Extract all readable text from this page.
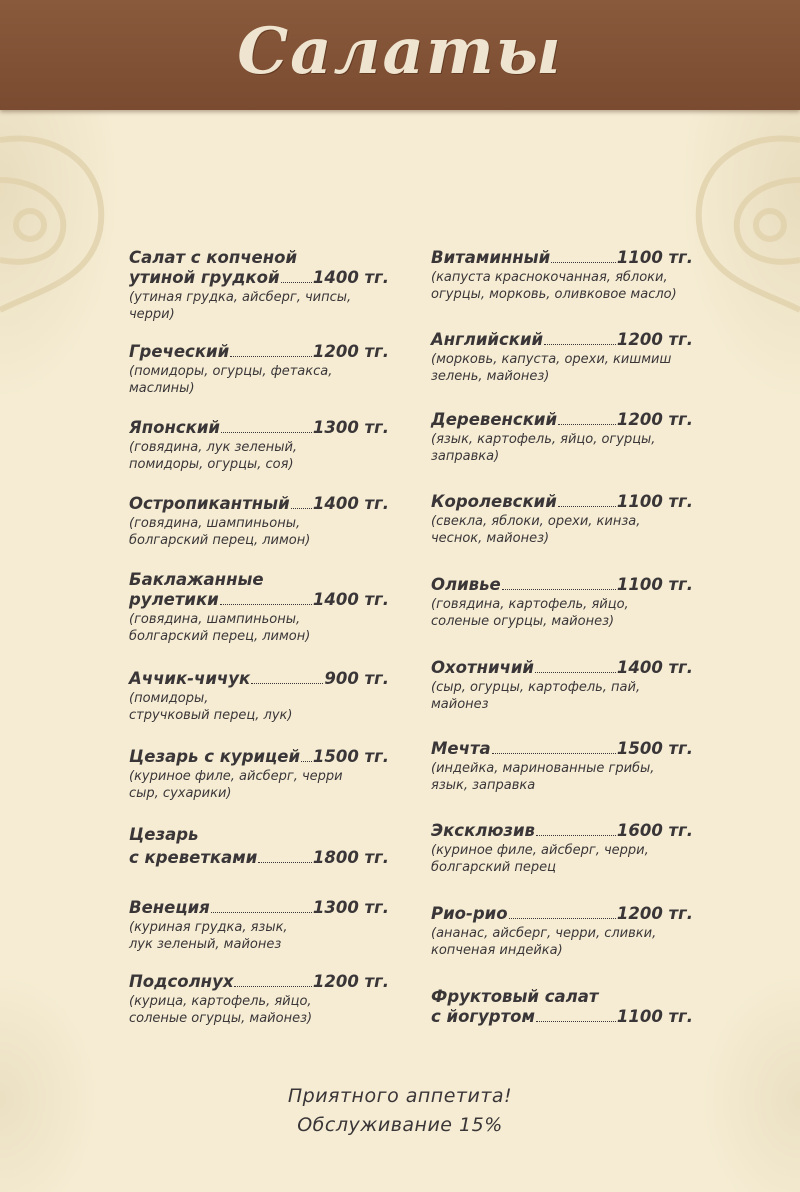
Салаты
Салат с копченой
утиной грудкой 1400 тг.
(утиная грудка, айсберг, чипсы,
черри)
Греческий	1200 тг.
(помидоры, огурцы, фетакса,
маслины)
Японский	1300 тг.
(говядина, лук зеленый,
помидоры, огурцы, соя)
Остропикантный 1400 тг.
(говядина, шампиньоны,
болгарский перец, лимон)
Баклажанные
рулетики	1400 тг.
(говядина, шампиньоны,
болгарский перец, лимон)
Аччик-чичук	900 тг.
(помидоры,
стручковый перец, лук)
Цезарь с курицей 1500 тг.
(куриное филе, айсберг, черри
сыр, сухарики)
Цезарь
с креветками	1800 тг.
Венеция	1300 тг.
(куриная грудка, язык,
лук зеленый, майонез
Подсолнух	1200 тг.
(курица, картофель, яйцо,
соленые огурцы, майонез)
Витаминный	1100 тг.
(капуста краснокочанная, яблоки,
огурцы, морковь, оливковое масло)
Английский	1200 тг.
(морковь, капуста, орехи, кишмиш
зелень, майонез)
Деревенский	1200 тг.
(язык, картофель, яйцо, огурцы,
заправка)
Королевский	1100 тг.
(свекла, яблоки, орехи, кинза,
чеснок, майонез)
Оливье	1100 тг.
(говядина, картофель, яйцо,
соленые огурцы, майонез)
Охотничий	1400 тг.
(сыр, огурцы, картофель, пай,
майонез
Мечта	1500 тг.
(индейка, маринованные грибы,
язык, заправка
Эксклюзив	1600 тг.
(куриное филе, айсберг, черри,
болгарский перец
Рио-рио	1200 тг.
(ананас, айсберг, черри, сливки,
копченая индейка)
Фруктовый салат
с йогуртом	1100 тг.
Приятного аппетита!
Обслуживание 15%
